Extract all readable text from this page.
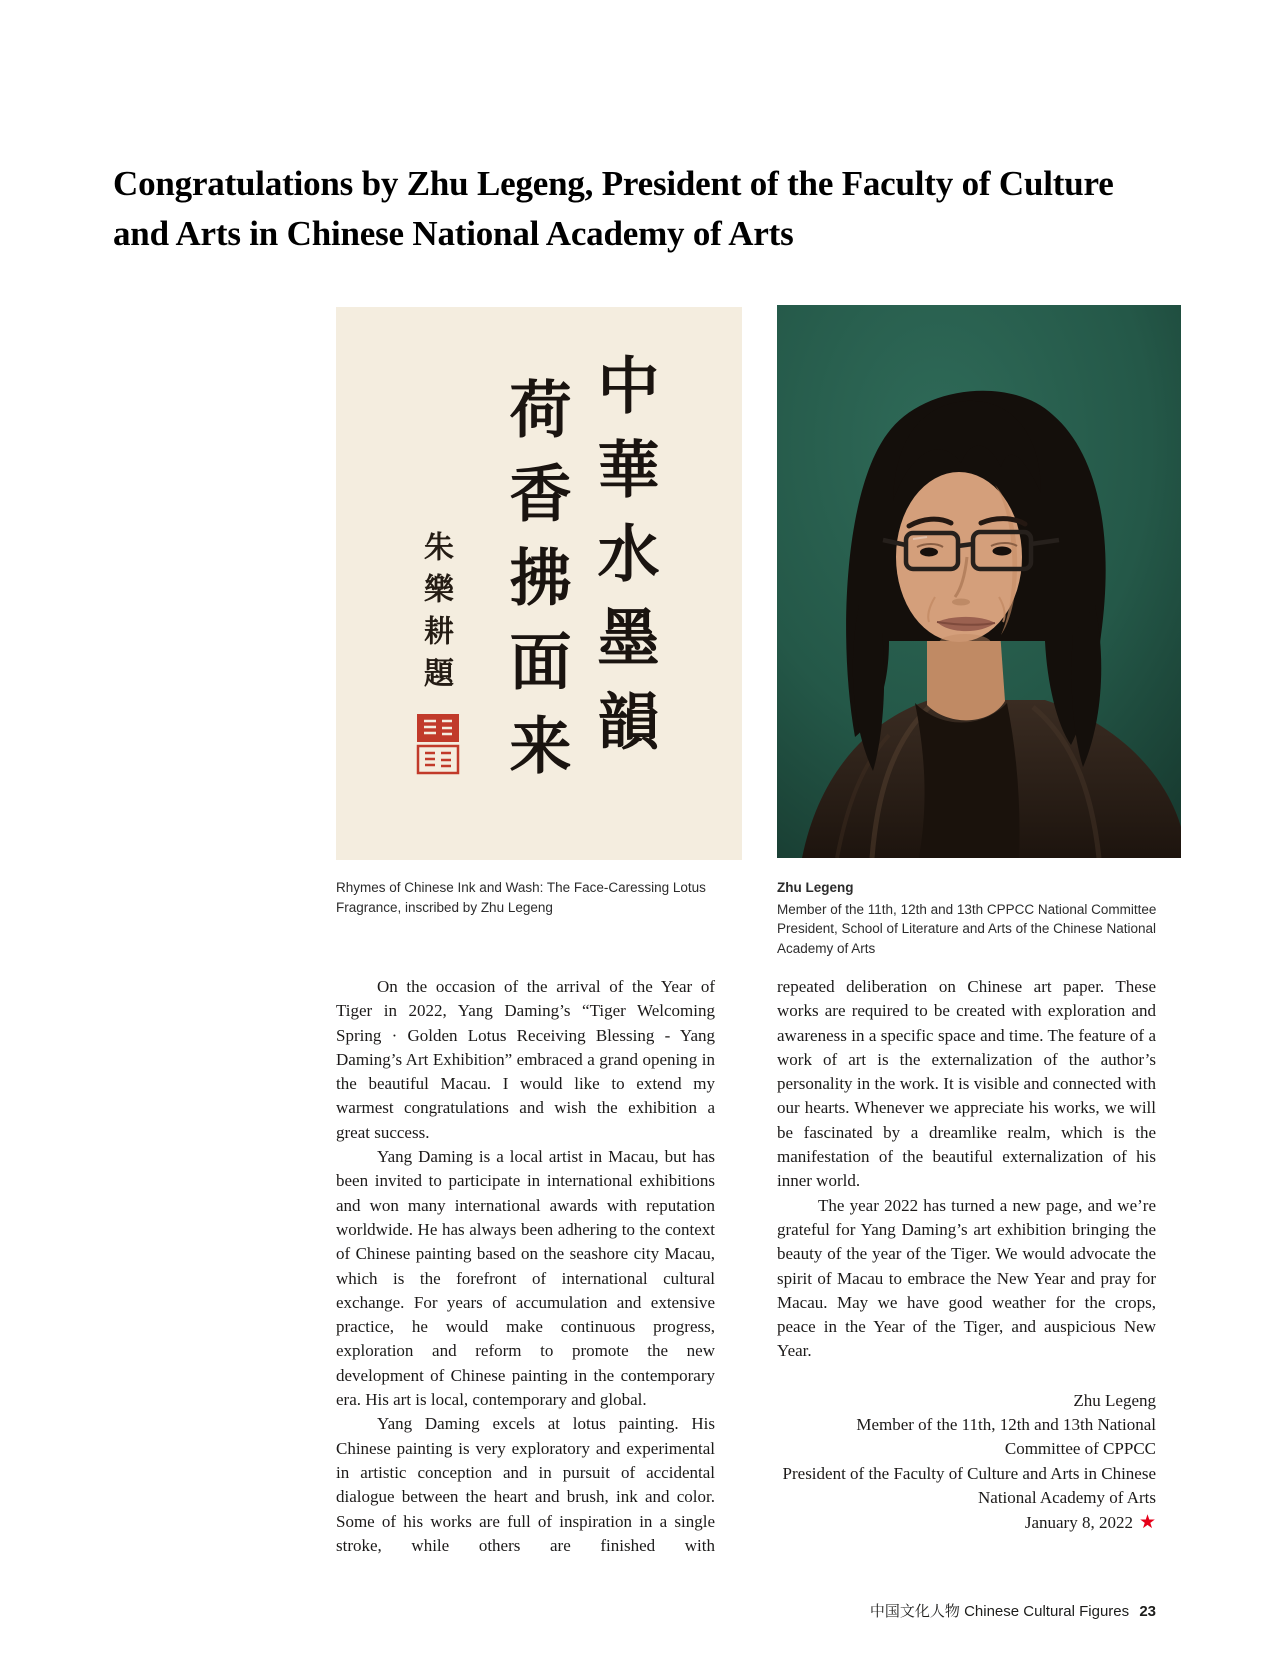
Congratulations by Zhu Legeng, President of the Faculty of Culture and Arts in Chinese National Academy of Arts
中華水墨韻
荷香拂面来
朱樂耕題
Rhymes of Chinese Ink and Wash: The Face-Caressing Lotus Fragrance, inscribed by Zhu Legeng
Zhu Legeng
Member of the 11th, 12th and 13th CPPCC National Committee
President, School of Literature and Arts of the Chinese National Academy of Arts

On the occasion of the arrival of the Year of Tiger in 2022, Yang Daming’s “Tiger Welcoming Spring · Golden Lotus Receiving Blessing - Yang Daming’s Art Exhibition” embraced a grand opening in the beautiful Macau. I would like to extend my warmest congratulations and wish the exhibition a great success.

Yang Daming is a local artist in Macau, but has been invited to participate in international exhibitions and won many international awards with reputation worldwide. He has always been adhering to the context of Chinese painting based on the seashore city Macau, which is the forefront of international cultural exchange. For years of accumulation and extensive practice, he would make continuous progress, exploration and reform to promote the new development of Chinese painting in the contemporary era. His art is local, contemporary and global.

Yang Daming excels at lotus painting. His Chinese painting is very exploratory and experimental in artistic conception and in pursuit of accidental dialogue between the heart and brush, ink and color. Some of his works are full of inspiration in a single stroke, while others are finished with

repeated deliberation on Chinese art paper. These works are required to be created with exploration and awareness in a specific space and time. The feature of a work of art is the externalization of the author’s personality in the work. It is visible and connected with our hearts. Whenever we appreciate his works, we will be fascinated by a dreamlike realm, which is the manifestation of the beautiful externalization of his inner world.

The year 2022 has turned a new page, and we’re grateful for Yang Daming’s art exhibition bringing the beauty of the year of the Tiger. We would advocate the spirit of Macau to embrace the New Year and pray for Macau. May we have good weather for the crops, peace in the Year of the Tiger, and auspicious New Year.

Zhu Legeng
Member of the 11th, 12th and 13th National
Committee of CPPCC
President of the Faculty of Culture and Arts in Chinese
National Academy of Arts
January 8, 2022 ★
中国文化人物 Chinese Cultural Figures 23
